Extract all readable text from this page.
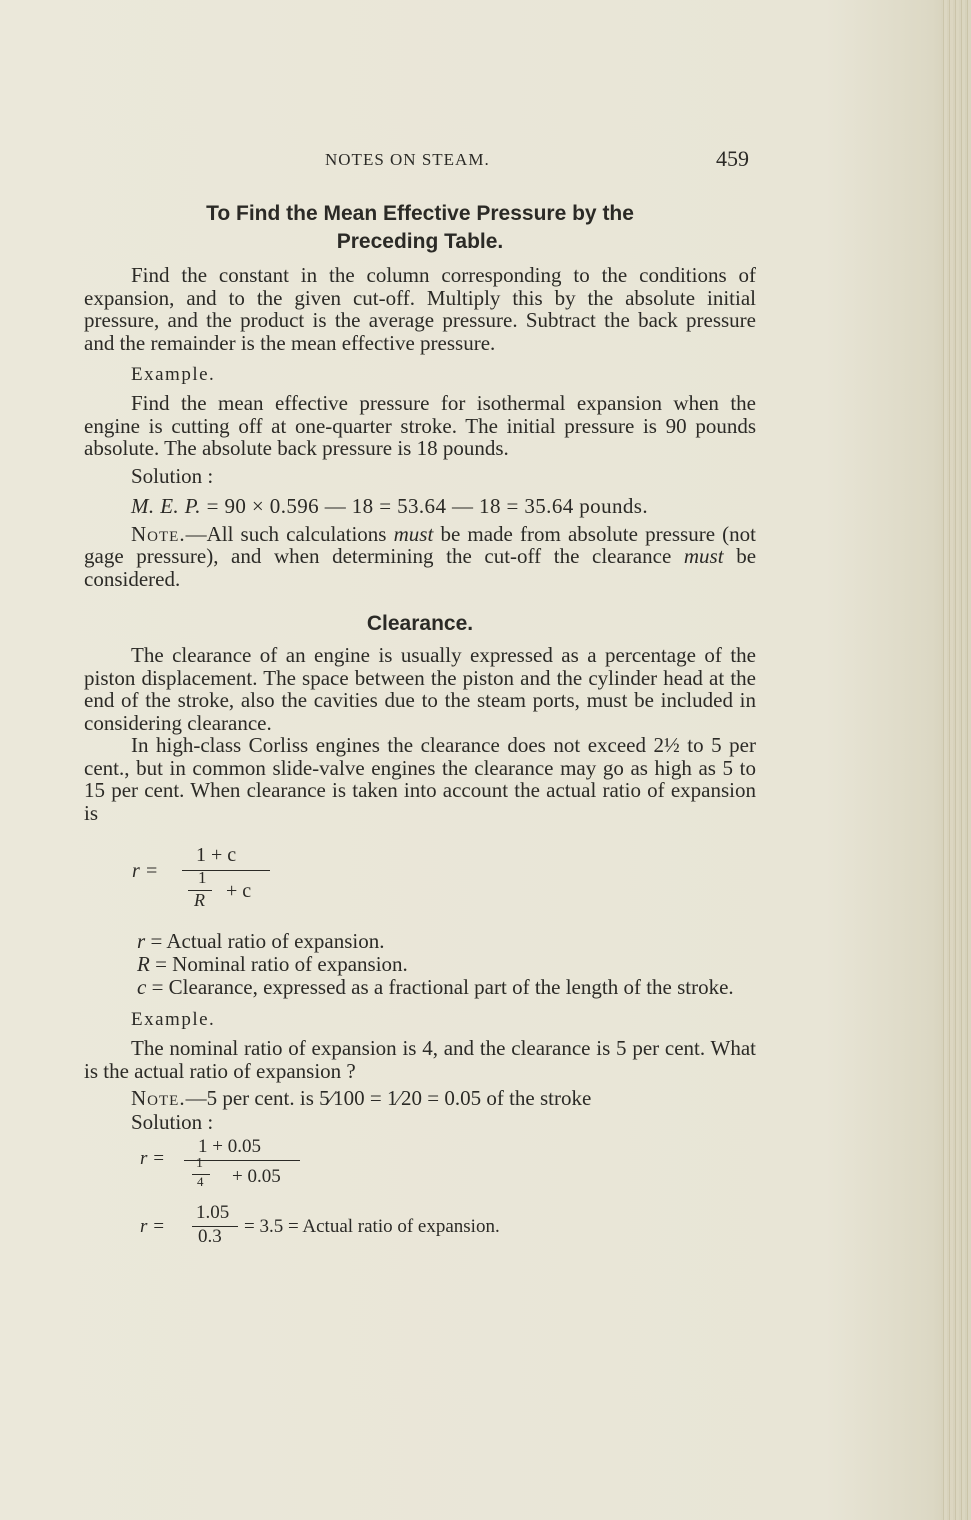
NOTES ON STEAM.	459
To Find the Mean Effective Pressure by the
Preceding Table.

Find the constant in the column corresponding to the conditions of expansion, and to the given cut-off. Multiply this by the absolute initial pressure, and the product is the average pressure. Subtract the back pressure and the remainder is the mean effective pressure.

Example.

Find the mean effective pressure for isothermal expansion when the engine is cutting off at one-quarter stroke. The initial pressure is 90 pounds absolute. The absolute back pressure is 18 pounds.

Solution :
M. E. P. = 90 × 0.596 — 18 = 53.64 — 18 = 35.64 pounds.

Note.—All such calculations must be made from absolute pressure (not gage pressure), and when determining the cut-off the clearance must be considered.

Clearance.

The clearance of an engine is usually expressed as a percentage of the piston displacement. The space between the piston and the cylinder head at the end of the stroke, also the cavities due to the steam ports, must be included in considering clearance.

In high-class Corliss engines the clearance does not exceed 2½ to 5 per cent., but in common slide-valve engines the clearance may go as high as 5 to 15 per cent. When clearance is taken into account the actual ratio of expansion is

r =
1 + c
1
R + c
r = Actual ratio of expansion.
R = Nominal ratio of expansion.

c = Clearance, expressed as a fractional part of the length of the stroke.

Example.

The nominal ratio of expansion is 4, and the clearance is 5 per cent. What is the actual ratio of expansion ?

Note.—5 per cent. is 5⁄100 = 1⁄20 = 0.05 of the stroke
Solution :
r =
1 + 0.05
1
4 + 0.05
r =
1.05
0.3 = 3.5 = Actual ratio of expansion.
